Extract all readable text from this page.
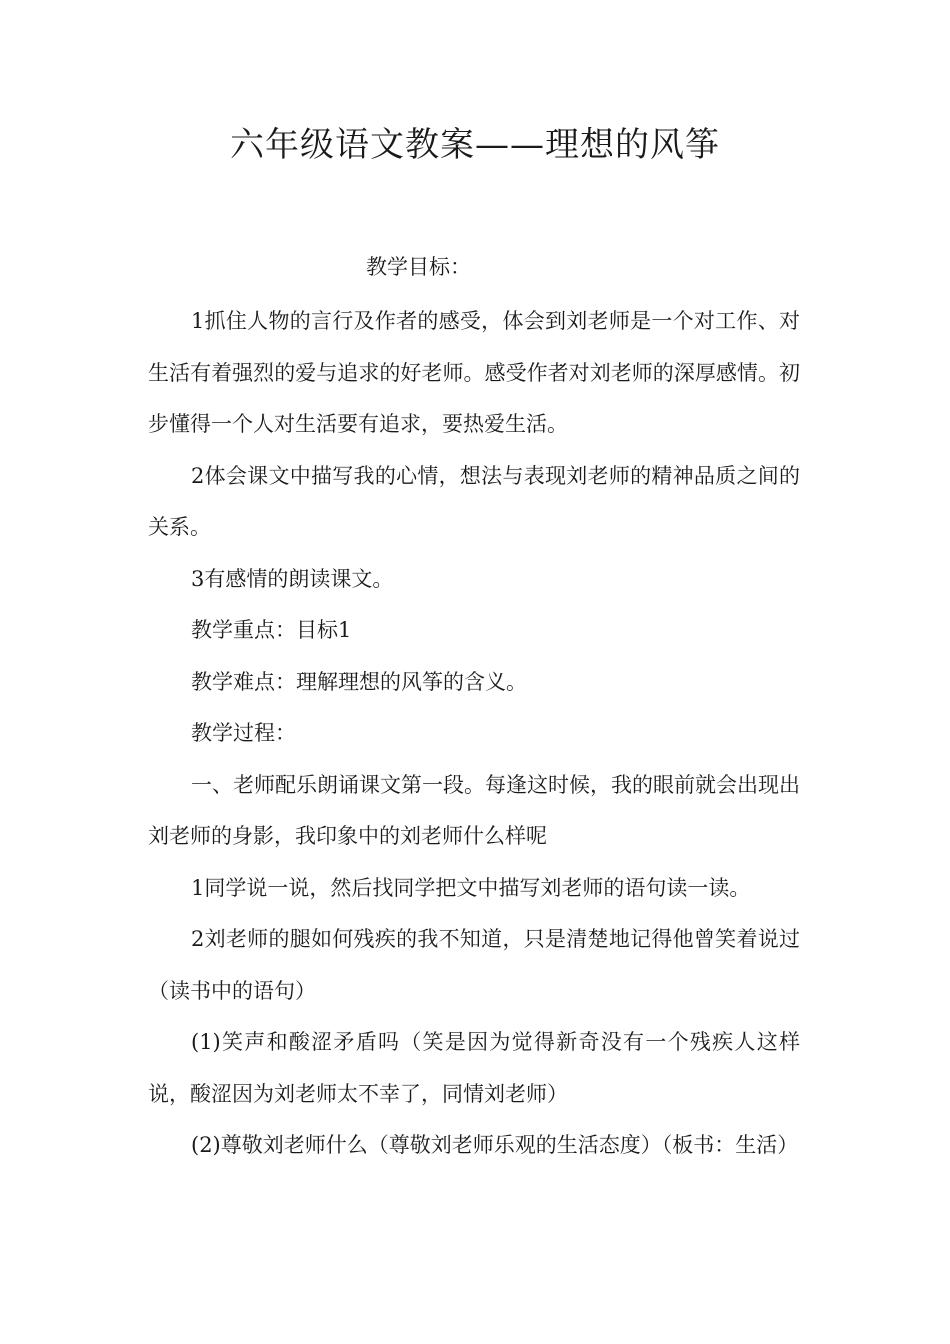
六年级语文教案——理想的风筝
教学目标：

1抓住人物的言行及作者的感受，体会到刘老师是一个对工作、对生活有着强烈的爱与追求的好老师。感受作者对刘老师的深厚感情。初步懂得一个人对生活要有追求，要热爱生活。

2体会课文中描写我的心情，想法与表现刘老师的精神品质之间的关系。

3有感情的朗读课文。

教学重点：目标1

教学难点：理解理想的风筝的含义。

教学过程：

一、老师配乐朗诵课文第一段。每逢这时候，我的眼前就会出现出刘老师的身影，我印象中的刘老师什么样呢

1同学说一说，然后找同学把文中描写刘老师的语句读一读。

2刘老师的腿如何残疾的我不知道，只是清楚地记得他曾笑着说过（读书中的语句）

(1)笑声和酸涩矛盾吗（笑是因为觉得新奇没有一个残疾人这样说，酸涩因为刘老师太不幸了，同情刘老师）

(2)尊敬刘老师什么（尊敬刘老师乐观的生活态度）（板书：生活）
